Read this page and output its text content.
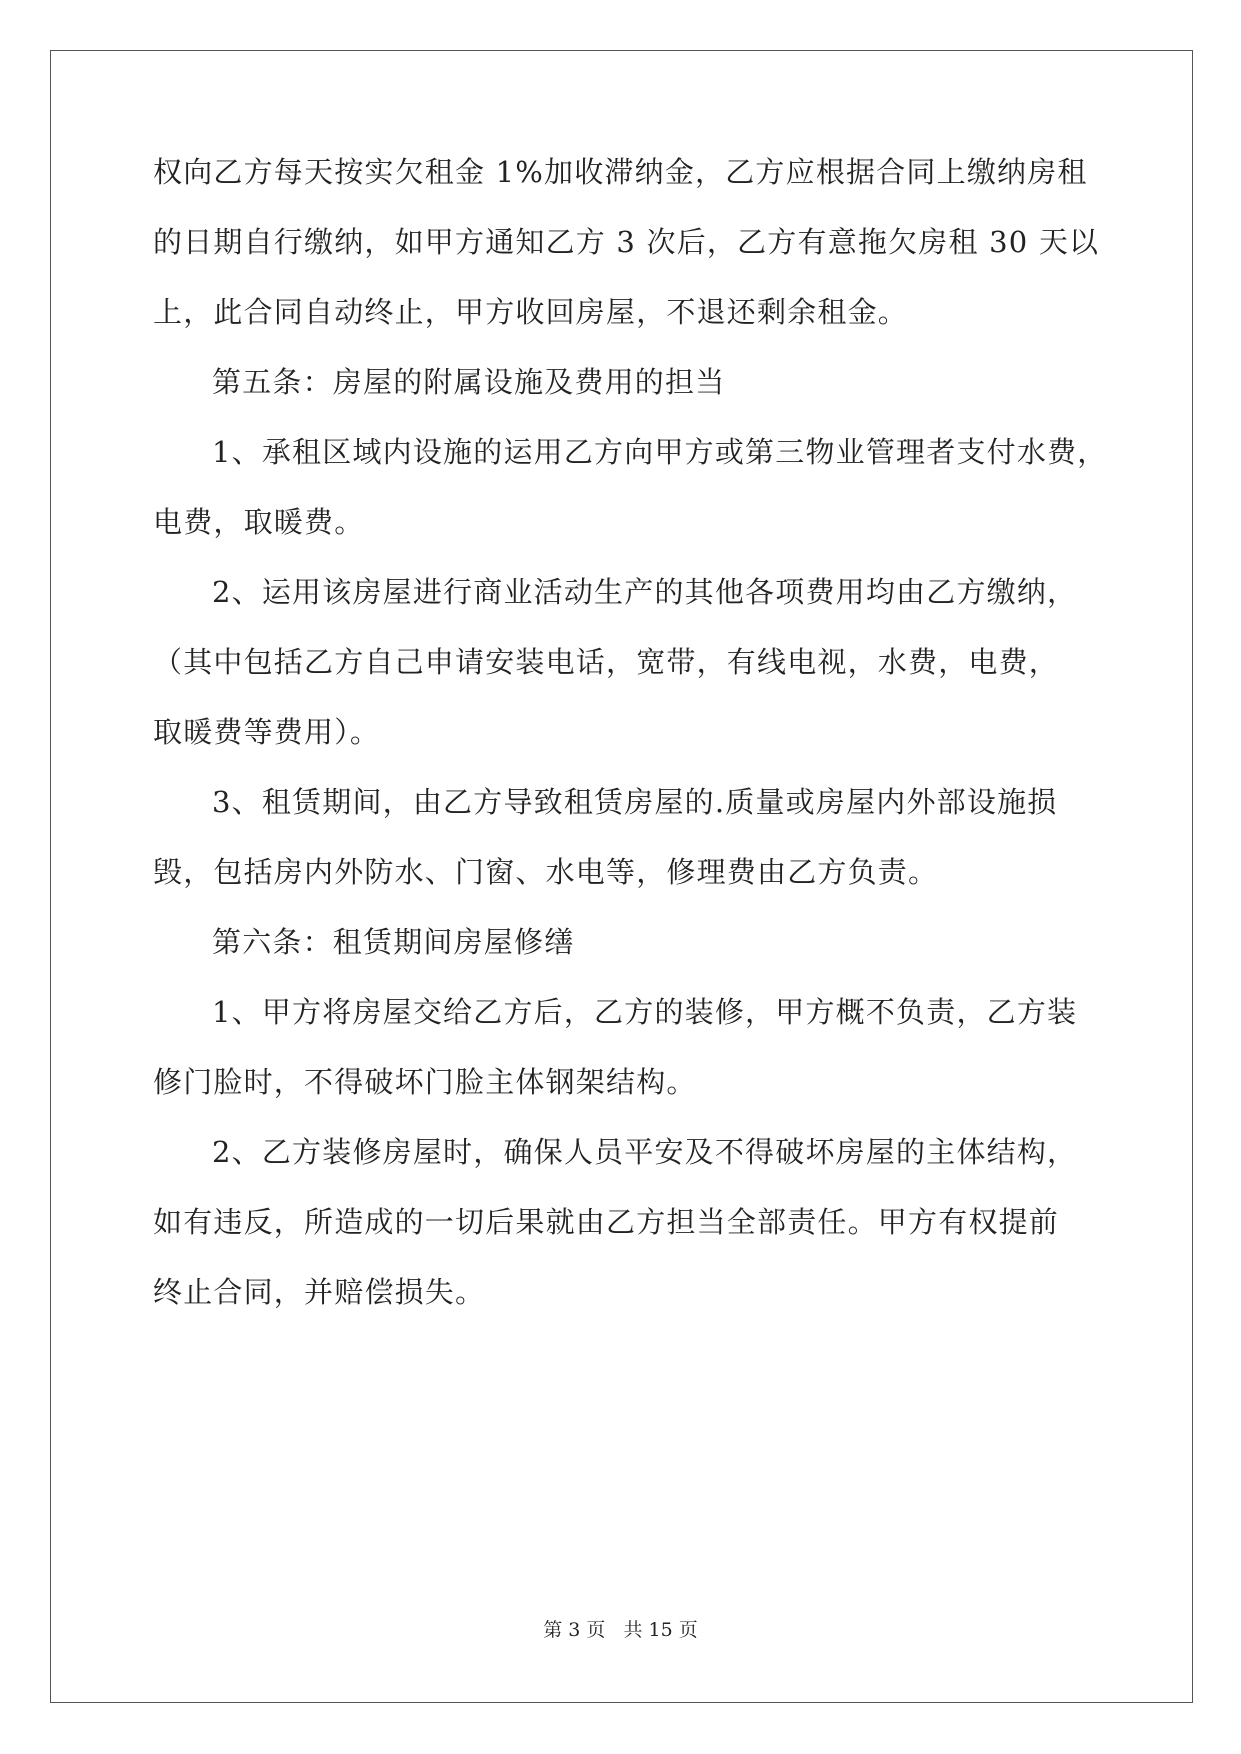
权向乙方每天按实欠租金 1%加收滞纳金，乙方应根据合同上缴纳房租
的日期自行缴纳，如甲方通知乙方 3 次后，乙方有意拖欠房租 30 天以
上，此合同自动终止，甲方收回房屋，不退还剩余租金。
第五条：房屋的附属设施及费用的担当
1、承租区域内设施的运用乙方向甲方或第三物业管理者支付水费，
电费，取暖费。
2、运用该房屋进行商业活动生产的其他各项费用均由乙方缴纳，
（其中包括乙方自己申请安装电话，宽带，有线电视，水费，电费，
取暖费等费用）。
3、租赁期间，由乙方导致租赁房屋的.质量或房屋内外部设施损
毁，包括房内外防水、门窗、水电等，修理费由乙方负责。
第六条：租赁期间房屋修缮
1、甲方将房屋交给乙方后，乙方的装修，甲方概不负责，乙方装
修门脸时，不得破坏门脸主体钢架结构。
2、乙方装修房屋时，确保人员平安及不得破坏房屋的主体结构，
如有违反，所造成的一切后果就由乙方担当全部责任。甲方有权提前
终止合同，并赔偿损失。
第 3 页 共 15 页
